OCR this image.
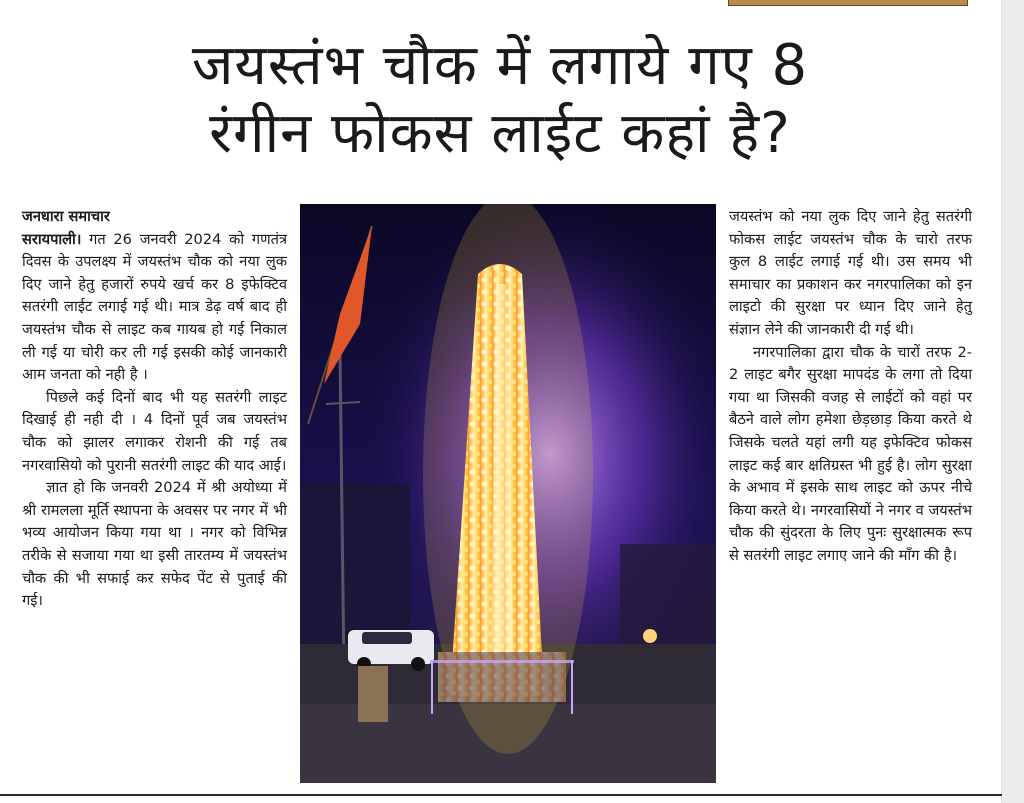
जयस्तंभ चौक में लगाये गए 8
रंगीन फोकस लाईट कहां है?

जनधारा समाचार

सरायपाली। गत 26 जनवरी 2024 को गणतंत्र दिवस के उपलक्ष्य में जयस्तंभ चौक को नया लुक दिए जाने हेतु हजारों रुपये खर्च कर 8 इफेक्टिव सतरंगी लाईट लगाई गई थी। मात्र डेढ़ वर्ष बाद ही जयस्तंभ चौक से लाइट कब गायब हो गई निकाल ली गई या चोरी कर ली गई इसकी कोई जानकारी आम जनता को नही है ।

पिछले कई दिनों बाद भी यह सतरंगी लाइट दिखाई ही नही दी । 4 दिनों पूर्व जब जयस्तंभ चौक को झालर लगाकर रोशनी की गई तब नगरवासियो को पुरानी सतरंगी लाइट की याद आई।

ज्ञात हो कि जनवरी 2024 में श्री अयोध्या में श्री रामलला मूर्ति स्थापना के अवसर पर नगर में भी भव्य आयोजन किया गया था । नगर को विभिन्न तरीके से सजाया गया था इसी तारतम्य में जयस्तंभ चौक की भी सफाई कर सफेद पेंट से पुताई की गई।

जयस्तंभ को नया लुक दिए जाने हेतु सतरंगी फोकस लाईट जयस्तंभ चौक के चारो तरफ कुल 8 लाईट लगाई गई थी। उस समय भी समाचार का प्रकाशन कर नगरपालिका को इन लाइटो की सुरक्षा पर ध्यान दिए जाने हेतु संज्ञान लेने की जानकारी दी गई थी।

नगरपालिका द्वारा चौक के चारों तरफ 2-2 लाइट बगैर सुरक्षा मापदंड के लगा तो दिया गया था जिसकी वजह से लाईटों को वहां पर बैठने वाले लोग हमेशा छेड़छाड़ किया करते थे जिसके चलते यहां लगी यह इफेक्टिव फोकस लाइट कई बार क्षतिग्रस्त भी हुई है। लोग सुरक्षा के अभाव में इसके साथ लाइट को ऊपर नीचे किया करते थे। नगरवासियों ने नगर व जयस्तंभ चौक की सुंदरता के लिए पुनः सुरक्षात्मक रूप से सतरंगी लाइट लगाए जाने की माँग की है।
